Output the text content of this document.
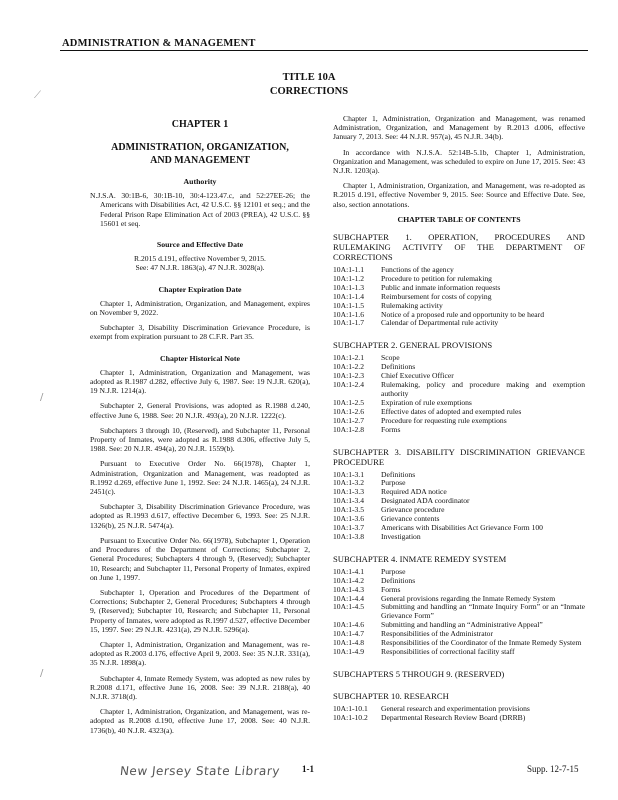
ADMINISTRATION & MANAGEMENT
TITLE 10A
CORRECTIONS
CHAPTER 1
ADMINISTRATION, ORGANIZATION, AND MANAGEMENT
Authority

N.J.S.A. 30:1B-6, 30:1B-10, 30:4-123.47.c, and 52:27EE-26; the Americans with Disabilities Act, 42 U.S.C. §§ 12101 et seq.; and the Federal Prison Rape Elimination Act of 2003 (PREA), 42 U.S.C. §§ 15601 et seq.

Source and Effective Date
R.2015 d.191, effective November 9, 2015.
See: 47 N.J.R. 1863(a), 47 N.J.R. 3028(a).
Chapter Expiration Date

Chapter 1, Administration, Organization, and Management, expires on November 9, 2022.

Subchapter 3, Disability Discrimination Grievance Procedure, is exempt from expiration pursuant to 28 C.F.R. Part 35.

Chapter Historical Note

Chapter 1, Administration, Organization and Management, was adopted as R.1987 d.282, effective July 6, 1987. See: 19 N.J.R. 620(a), 19 N.J.R. 1214(a).

Subchapter 2, General Provisions, was adopted as R.1988 d.240, effective June 6, 1988. See: 20 N.J.R. 493(a), 20 N.J.R. 1222(c).

Subchapters 3 through 10, (Reserved), and Subchapter 11, Personal Property of Inmates, were adopted as R.1988 d.306, effective July 5, 1988. See: 20 N.J.R. 494(a), 20 N.J.R. 1559(b).

Pursuant to Executive Order No. 66(1978), Chapter 1, Administration, Organization and Management, was readopted as R.1992 d.269, effective June 1, 1992. See: 24 N.J.R. 1465(a), 24 N.J.R. 2451(c).

Subchapter 3, Disability Discrimination Grievance Procedure, was adopted as R.1993 d.617, effective December 6, 1993. See: 25 N.J.R. 1326(b), 25 N.J.R. 5474(a).

Pursuant to Executive Order No. 66(1978), Subchapter 1, Operation and Procedures of the Department of Corrections; Subchapter 2, General Procedures; Subchapters 4 through 9, (Reserved); Subchapter 10, Research; and Subchapter 11, Personal Property of Inmates, expired on June 1, 1997.

Subchapter 1, Operation and Procedures of the Department of Corrections; Subchapter 2, General Procedures; Subchapters 4 through 9, (Reserved); Subchapter 10, Research; and Subchapter 11, Personal Property of Inmates, were adopted as R.1997 d.527, effective December 15, 1997. See: 29 N.J.R. 4231(a), 29 N.J.R. 5296(a).

Chapter 1, Administration, Organization and Management, was re-adopted as R.2003 d.176, effective April 9, 2003. See: 35 N.J.R. 331(a), 35 N.J.R. 1898(a).

Subchapter 4, Inmate Remedy System, was adopted as new rules by R.2008 d.171, effective June 16, 2008. See: 39 N.J.R. 2188(a), 40 N.J.R. 3718(d).

Chapter 1, Administration, Organization, and Management, was re-adopted as R.2008 d.190, effective June 17, 2008. See: 40 N.J.R. 1736(b), 40 N.J.R. 4323(a).

Chapter 1, Administration, Organization and Management, was renamed Administration, Organization, and Management by R.2013 d.006, effective January 7, 2013. See: 44 N.J.R. 957(a), 45 N.J.R. 34(b).

In accordance with N.J.S.A. 52:14B-5.1b, Chapter 1, Administration, Organization and Management, was scheduled to expire on June 17, 2015. See: 43 N.J.R. 1203(a).

Chapter 1, Administration, Organization, and Management, was re-adopted as R.2015 d.191, effective November 9, 2015. See: Source and Effective Date. See, also, section annotations.

CHAPTER TABLE OF CONTENTS
SUBCHAPTER 1. OPERATION, PROCEDURES AND RULEMAKING ACTIVITY OF THE DEPARTMENT OF CORRECTIONS
10A:1-1.1	Functions of the agency
10A:1-1.2	Procedure to petition for rulemaking
10A:1-1.3	Public and inmate information requests
10A:1-1.4	Reimbursement for costs of copying
10A:1-1.5	Rulemaking activity
10A:1-1.6	Notice of a proposed rule and opportunity to be heard
10A:1-1.7	Calendar of Departmental rule activity
SUBCHAPTER 2. GENERAL PROVISIONS
10A:1-2.1	Scope
10A:1-2.2	Definitions
10A:1-2.3	Chief Executive Officer
10A:1-2.4	Rulemaking, policy and procedure making and exemption authority
10A:1-2.5	Expiration of rule exemptions
10A:1-2.6	Effective dates of adopted and exempted rules
10A:1-2.7	Procedure for requesting rule exemptions
10A:1-2.8	Forms
SUBCHAPTER 3. DISABILITY DISCRIMINATION GRIEVANCE PROCEDURE
10A:1-3.1	Definitions
10A:1-3.2	Purpose
10A:1-3.3	Required ADA notice
10A:1-3.4	Designated ADA coordinator
10A:1-3.5	Grievance procedure
10A:1-3.6	Grievance contents
10A:1-3.7	Americans with Disabilities Act Grievance Form 100
10A:1-3.8	Investigation
SUBCHAPTER 4. INMATE REMEDY SYSTEM
10A:1-4.1	Purpose
10A:1-4.2	Definitions
10A:1-4.3	Forms
10A:1-4.4	General provisions regarding the Inmate Remedy System
10A:1-4.5	Submitting and handling an “Inmate Inquiry Form” or an “Inmate Grievance Form”
10A:1-4.6	Submitting and handling an “Administrative Appeal”
10A:1-4.7	Responsibilities of the Administrator
10A:1-4.8	Responsibilities of the Coordinator of the Inmate Remedy System
10A:1-4.9	Responsibilities of correctional facility staff
SUBCHAPTERS 5 THROUGH 9. (RESERVED)
SUBCHAPTER 10. RESEARCH
10A:1-10.1	General research and experimentation provisions
10A:1-10.2	Departmental Research Review Board (DRRB)
⟋
/
/
New Jersey State Library 1-1	Supp. 12-7-15
